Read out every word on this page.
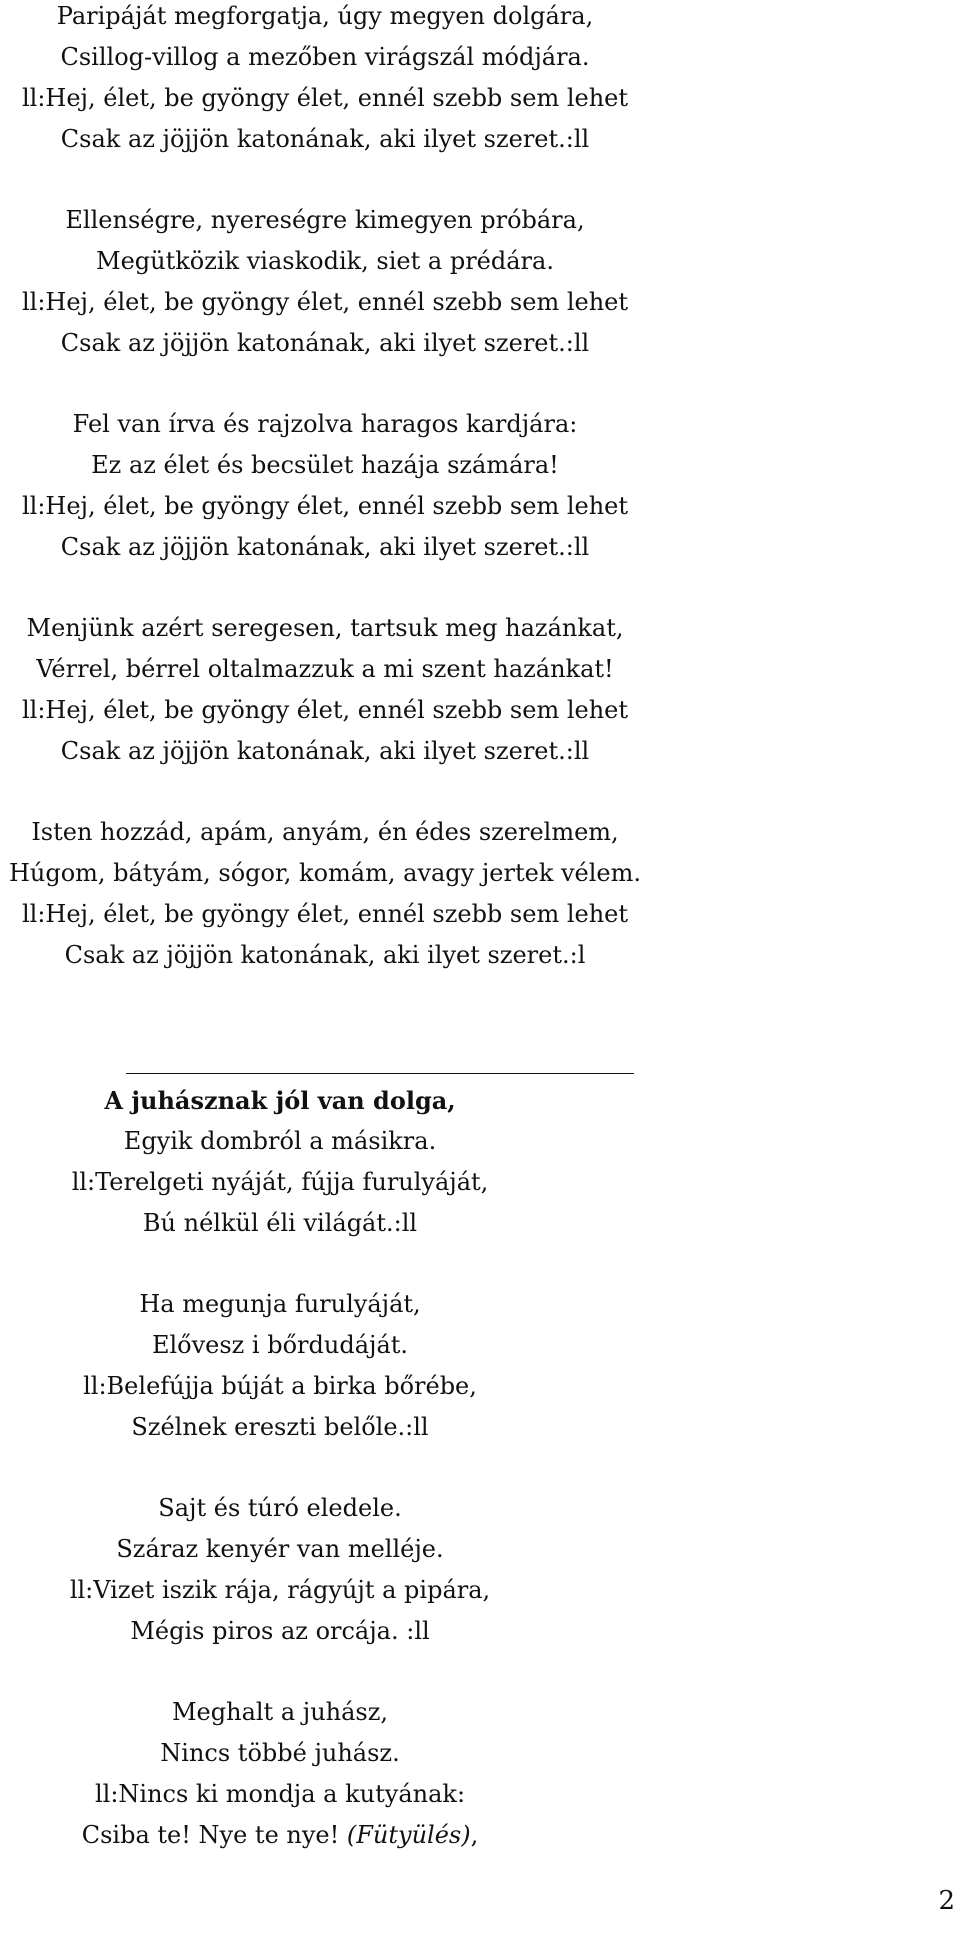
Paripáját megforgatja, úgy megyen dolgára,
Csillog-villog a mezőben virágszál módjára.
ll:Hej, élet, be gyöngy élet, ennél szebb sem lehet
Csak az jöjjön katonának, aki ilyet szeret.:ll
Ellenségre, nyereségre kimegyen próbára,
Megütközik viaskodik, siet a prédára.
ll:Hej, élet, be gyöngy élet, ennél szebb sem lehet
Csak az jöjjön katonának, aki ilyet szeret.:ll
Fel van írva és rajzolva haragos kardjára:
Ez az élet és becsület hazája számára!
ll:Hej, élet, be gyöngy élet, ennél szebb sem lehet
Csak az jöjjön katonának, aki ilyet szeret.:ll
Menjünk azért seregesen, tartsuk meg hazánkat,
Vérrel, bérrel oltalmazzuk a mi szent hazánkat!
ll:Hej, élet, be gyöngy élet, ennél szebb sem lehet
Csak az jöjjön katonának, aki ilyet szeret.:ll
Isten hozzád, apám, anyám, én édes szerelmem,
Húgom, bátyám, sógor, komám, avagy jertek vélem.
ll:Hej, élet, be gyöngy élet, ennél szebb sem lehet
Csak az jöjjön katonának, aki ilyet szeret.:l
A juhásznak jól van dolga,
Egyik dombról a másikra.
ll:Terelgeti nyáját, fújja furulyáját,
Bú nélkül éli világát.:ll
Ha megunja furulyáját,
Elővesz i bőrdudáját.
ll:Belefújja búját a birka bőrébe,
Szélnek ereszti belőle.:ll
Sajt és túró eledele.
Száraz kenyér van melléje.
ll:Vizet iszik rája, rágyújt a pipára,
Mégis piros az orcája. :ll
Meghalt a juhász,
Nincs többé juhász.
ll:Nincs ki mondja a kutyának:
Csiba te! Nye te nye! (Fütyülés),
2
